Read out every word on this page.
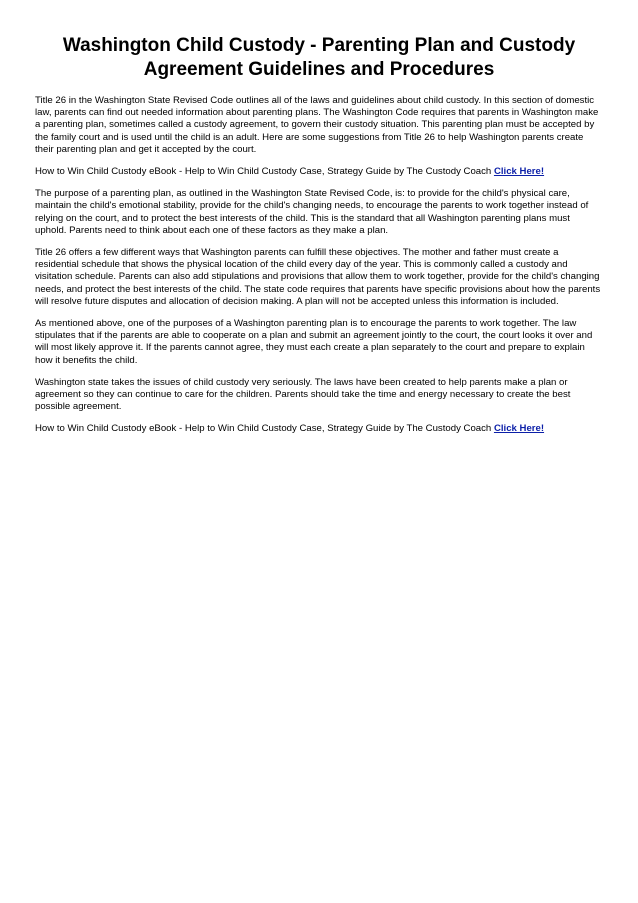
Washington Child Custody - Parenting Plan and Custody Agreement Guidelines and Procedures

Title 26 in the Washington State Revised Code outlines all of the laws and guidelines about child custody. In this section of domestic law, parents can find out needed information about parenting plans. The Washington Code requires that parents in Washington make a parenting plan, sometimes called a custody agreement, to govern their custody situation. This parenting plan must be accepted by the family court and is used until the child is an adult. Here are some suggestions from Title 26 to help Washington parents create their parenting plan and get it accepted by the court.

How to Win Child Custody eBook - Help to Win Child Custody Case, Strategy Guide by The Custody Coach Click Here!

The purpose of a parenting plan, as outlined in the Washington State Revised Code, is: to provide for the child's physical care, maintain the child's emotional stability, provide for the child's changing needs, to encourage the parents to work together instead of relying on the court, and to protect the best interests of the child. This is the standard that all Washington parenting plans must uphold. Parents need to think about each one of these factors as they make a plan.

Title 26 offers a few different ways that Washington parents can fulfill these objectives. The mother and father must create a residential schedule that shows the physical location of the child every day of the year. This is commonly called a custody and visitation schedule. Parents can also add stipulations and provisions that allow them to work together, provide for the child's changing needs, and protect the best interests of the child. The state code requires that parents have specific provisions about how the parents will resolve future disputes and allocation of decision making. A plan will not be accepted unless this information is included.

As mentioned above, one of the purposes of a Washington parenting plan is to encourage the parents to work together. The law stipulates that if the parents are able to cooperate on a plan and submit an agreement jointly to the court, the court looks it over and will most likely approve it. If the parents cannot agree, they must each create a plan separately to the court and prepare to explain how it benefits the child.

Washington state takes the issues of child custody very seriously. The laws have been created to help parents make a plan or agreement so they can continue to care for the children. Parents should take the time and energy necessary to create the best possible agreement.

How to Win Child Custody eBook - Help to Win Child Custody Case, Strategy Guide by The Custody Coach Click Here!
